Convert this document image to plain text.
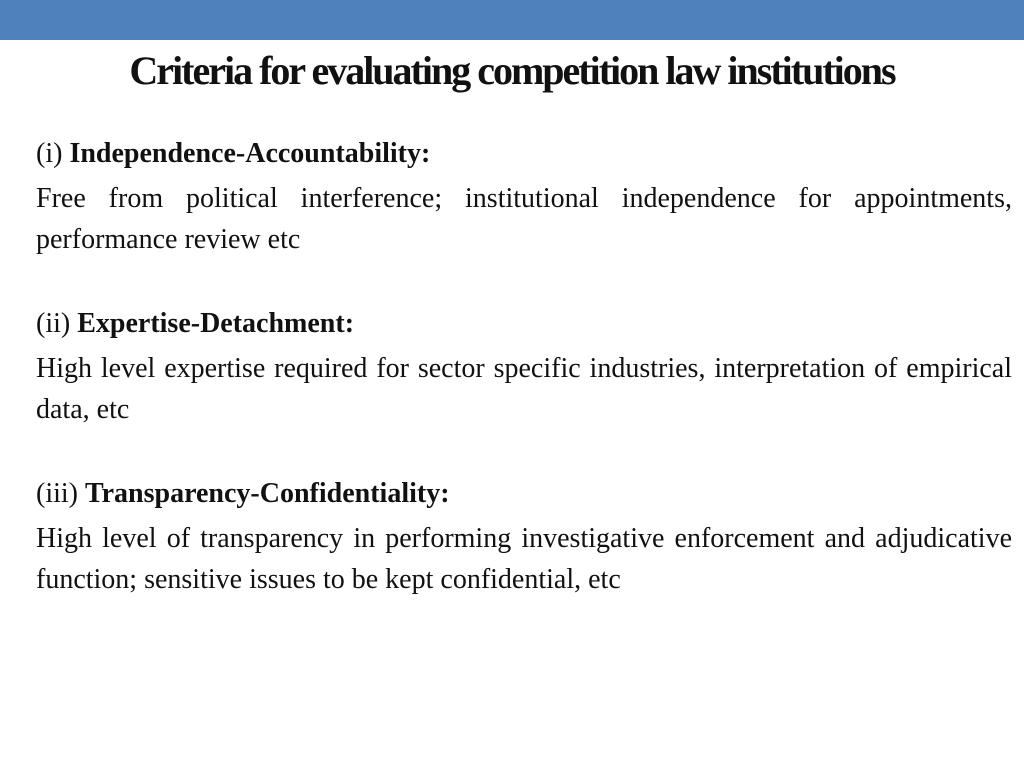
Criteria for evaluating competition law institutions

(i) Independence-Accountability:

Free from political interference; institutional independence for appointments, performance review etc

(ii) Expertise-Detachment:

High level expertise required for sector specific industries, interpretation of empirical data, etc

(iii) Transparency-Confidentiality:

High level of transparency in performing investigative enforcement and adjudicative function; sensitive issues to be kept confidential, etc
